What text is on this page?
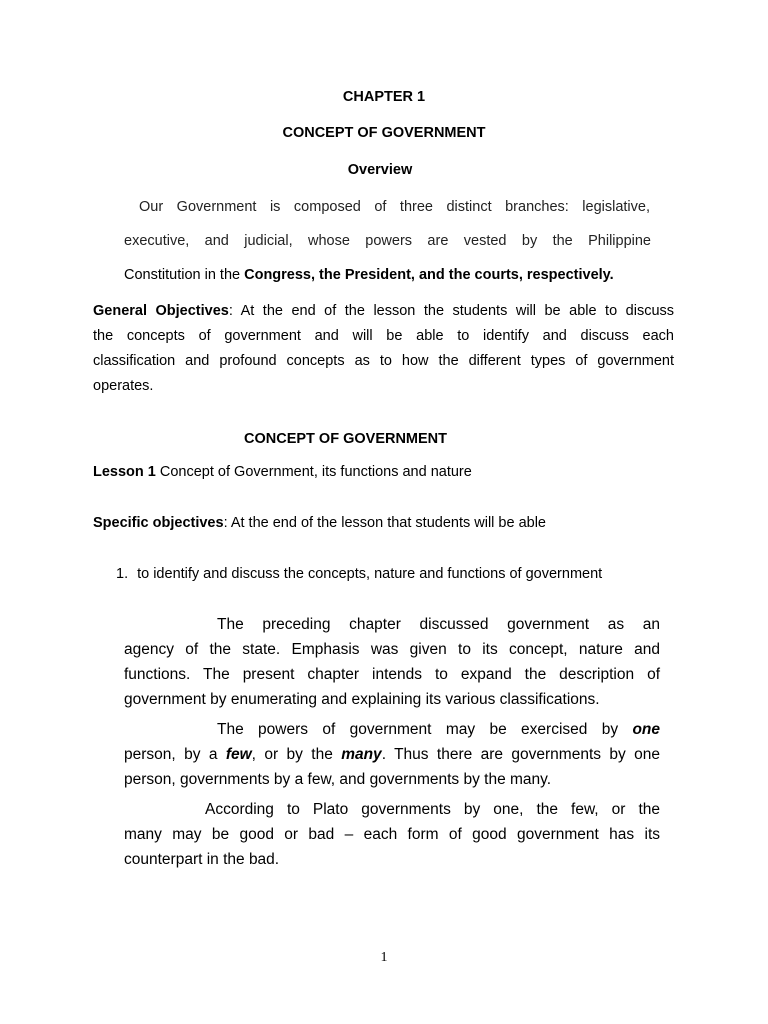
CHAPTER 1

CONCEPT OF GOVERNMENT

Overview

Our Government is composed of three distinct branches: legislative,

executive, and judicial, whose powers are vested by the Philippine

Constitution in the Congress, the President, and the courts, respectively.

General Objectives: At the end of the lesson the students will be able to discuss

the concepts of government and will be able to identify and discuss each

classification and profound concepts as to how the different types of government

operates.

CONCEPT OF GOVERNMENT

Lesson 1 Concept of Government, its functions and nature

Specific objectives: At the end of the lesson that students will be able

1. to identify and discuss the concepts, nature and functions of government

The preceding chapter discussed government as an

agency of the state. Emphasis was given to its concept, nature and

functions. The present chapter intends to expand the description of

government by enumerating and explaining its various classifications.

The powers of government may be exercised by one

person, by a few, or by the many. Thus there are governments by one

person, governments by a few, and governments by the many.

According to Plato governments by one, the few, or the

many may be good or bad – each form of good government has its

counterpart in the bad.

1
